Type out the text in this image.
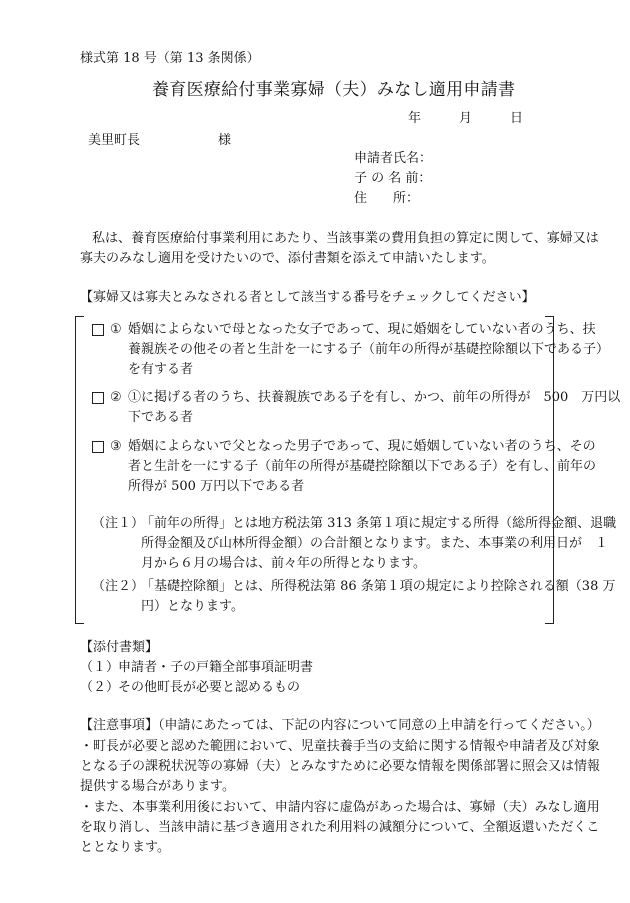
様式第 18 号（第 13 条関係）
養育医療給付事業寡婦（夫）みなし適用申請書
年	月	日
美里町長	様
申請者氏名：
子 の 名 前：
住 所：
私は、養育医療給付事業利用にあたり、当該事業の費用負担の算定に関して、寡婦又は
寡夫のみなし適用を受けたいので、添付書類を添えて申請いたします。
【寡婦又は寡夫とみなされる者として該当する番号をチェックしてください】
① 婚姻によらないで母となった女子であって、現に婚姻をしていない者のうち、扶
養親族その他その者と生計を一にする子（前年の所得が基礎控除額以下である子）
を有する者
② ①に掲げる者のうち、扶養親族である子を有し、かつ、前年の所得が　500　万円以
下である者
③ 婚姻によらないで父となった男子であって、現に婚姻していない者のうち、その
者と生計を一にする子（前年の所得が基礎控除額以下である子）を有し、前年の
所得が 500 万円以下である者
（注１）
「前年の所得」とは地方税法第 313 条第１項に規定する所得（総所得金額、退職
所得金額及び山林所得金額）の合計額となります。また、本事業の利用日が　１
月から６月の場合は、前々年の所得となります。
（注２）
「基礎控除額」とは、所得税法第 86 条第１項の規定により控除される額（38 万
円）となります。
【添付書類】
（１）
申請者・子の戸籍全部事項証明書
（２）
その他町長が必要と認めるもの
【注意事項】（申請にあたっては、下記の内容について同意の上申請を行ってください。）
・町長が必要と認めた範囲において、児童扶養手当の支給に関する情報や申請者及び対象
となる子の課税状況等の寡婦（夫）とみなすために必要な情報を関係部署に照会又は情報
提供する場合があります。
・また、本事業利用後において、申請内容に虚偽があった場合は、寡婦（夫）みなし適用
を取り消し、当該申請に基づき適用された利用料の減額分について、全額返還いただくこ
ととなります。
